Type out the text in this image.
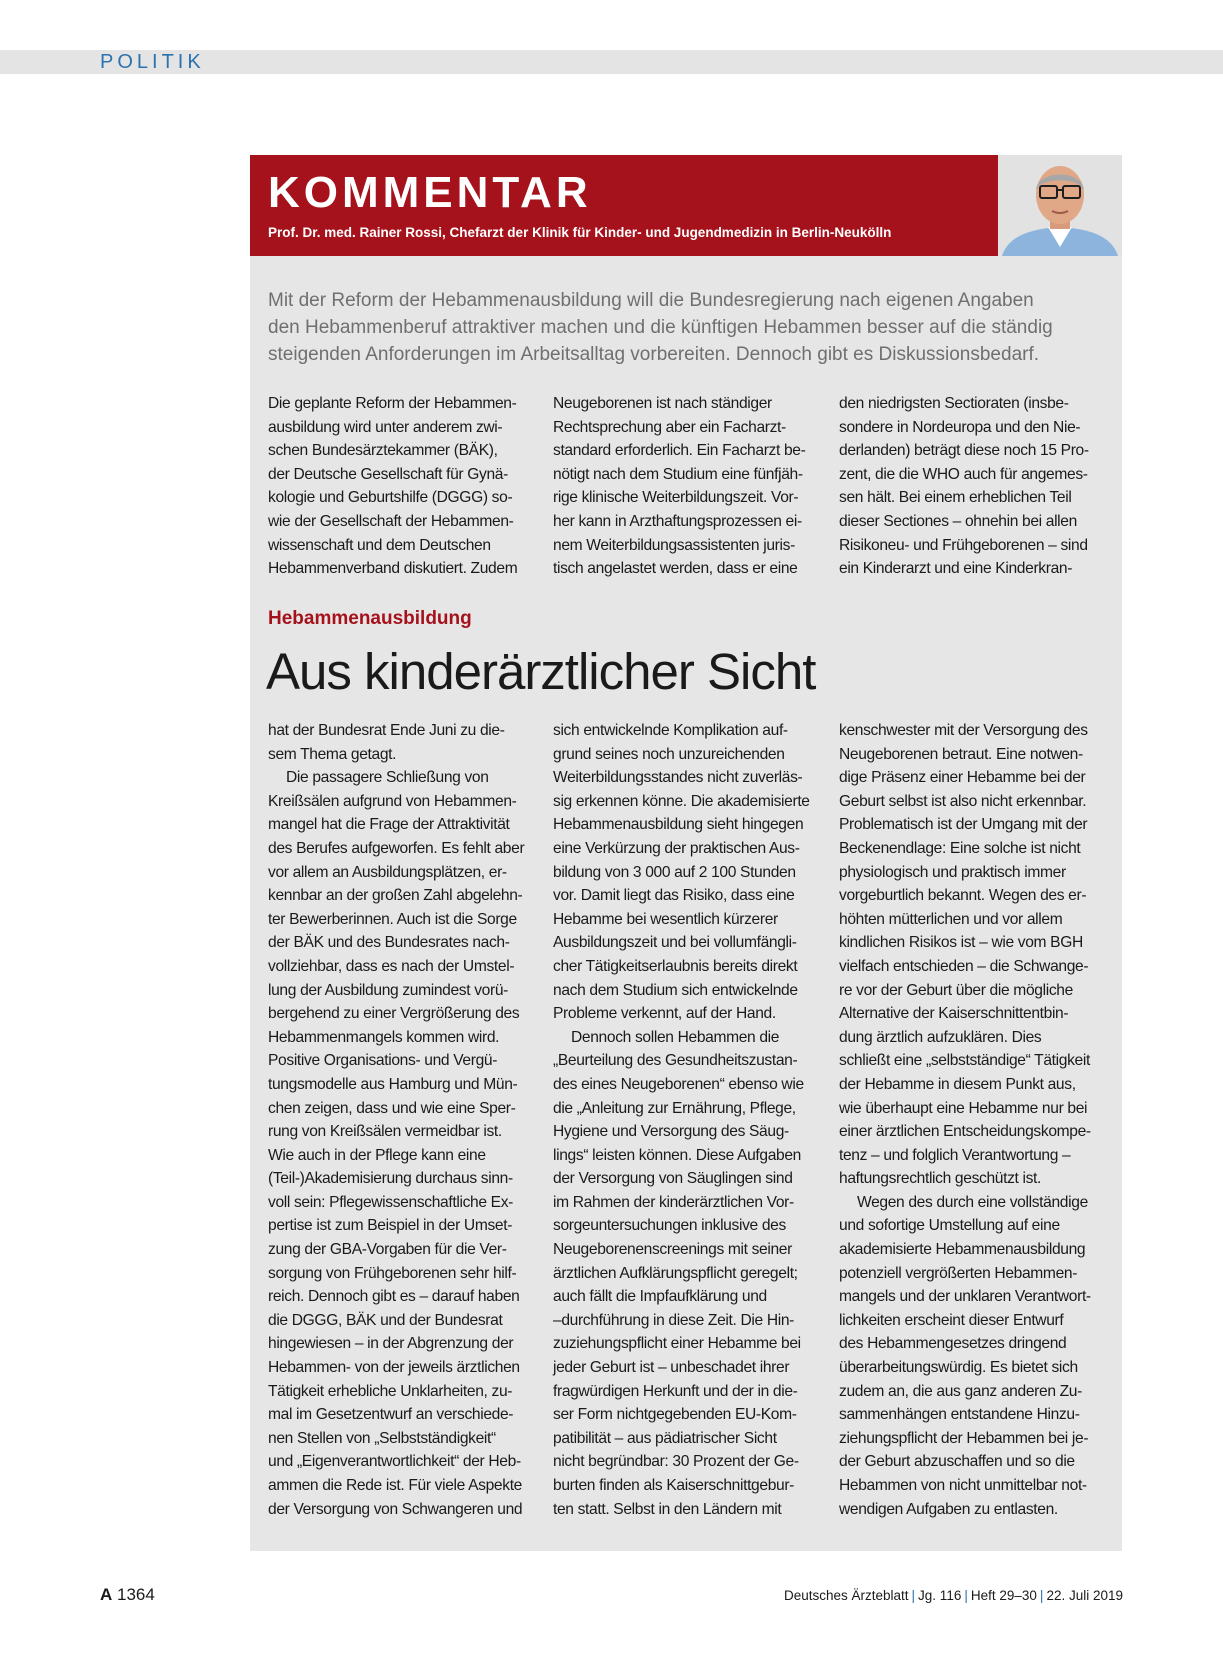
POLITIK
KOMMENTAR
Prof. Dr. med. Rainer Rossi, Chefarzt der Klinik für Kinder- und Jugendmedizin in Berlin-Neukölln
Mit der Reform der Hebammenausbildung will die Bundesregierung nach eigenen Angaben
den Hebammenberuf attraktiver machen und die künftigen Hebammen besser auf die ständig
steigenden Anforderungen im Arbeitsalltag vorbereiten. Dennoch gibt es Diskussionsbedarf.
Die geplante Reform der Hebammen-
ausbildung wird unter anderem zwi-
schen Bundesärztekammer (BÄK),
der Deutsche Gesellschaft für Gynä-
kologie und Geburtshilfe (DGGG) so-
wie der Gesellschaft der Hebammen-
wissenschaft und dem Deutschen
Hebammenverband diskutiert. Zudem
Neugeborenen ist nach ständiger
Rechtsprechung aber ein Facharzt-
standard erforderlich. Ein Facharzt be-
nötigt nach dem Studium eine fünfjäh-
rige klinische Weiterbildungszeit. Vor-
her kann in Arzthaftungsprozessen ei-
nem Weiterbildungsassistenten juris-
tisch angelastet werden, dass er eine
den niedrigsten Sectioraten (insbe-
sondere in Nordeuropa und den Nie-
derlanden) beträgt diese noch 15 Pro-
zent, die die WHO auch für angemes-
sen hält. Bei einem erheblichen Teil
dieser Sectiones – ohnehin bei allen
Risikoneu- und Frühgeborenen – sind
ein Kinderarzt und eine Kinderkran-
Hebammenausbildung
Aus kinderärztlicher Sicht
hat der Bundesrat Ende Juni zu die-
sem Thema getagt.
Die passagere Schließung von
Kreißsälen aufgrund von Hebammen-
mangel hat die Frage der Attraktivität
des Berufes aufgeworfen. Es fehlt aber
vor allem an Ausbildungsplätzen, er-
kennbar an der großen Zahl abgelehn-
ter Bewerberinnen. Auch ist die Sorge
der BÄK und des Bundesrates nach-
vollziehbar, dass es nach der Umstel-
lung der Ausbildung zumindest vorü-
bergehend zu einer Vergrößerung des
Hebammenmangels kommen wird.
Positive Organisations- und Vergü-
tungsmodelle aus Hamburg und Mün-
chen zeigen, dass und wie eine Sper-
rung von Kreißsälen vermeidbar ist.
Wie auch in der Pflege kann eine
(Teil-)Akademisierung durchaus sinn-
voll sein: Pflegewissenschaftliche Ex-
pertise ist zum Beispiel in der Umset-
zung der GBA-Vorgaben für die Ver-
sorgung von Frühgeborenen sehr hilf-
reich. Dennoch gibt es – darauf haben
die DGGG, BÄK und der Bundesrat
hingewiesen – in der Abgrenzung der
Hebammen- von der jeweils ärztlichen
Tätigkeit erhebliche Unklarheiten, zu-
mal im Gesetzentwurf an verschiede-
nen Stellen von „Selbstständigkeit“
und „Eigenverantwortlichkeit“ der Heb-
ammen die Rede ist. Für viele Aspekte
der Versorgung von Schwangeren und
sich entwickelnde Komplikation auf-
grund seines noch unzureichenden
Weiterbildungsstandes nicht zuverläs-
sig erkennen könne. Die akademisierte
Hebammenausbildung sieht hingegen
eine Verkürzung der praktischen Aus-
bildung von 3 000 auf 2 100 Stunden
vor. Damit liegt das Risiko, dass eine
Hebamme bei wesentlich kürzerer
Ausbildungszeit und bei vollumfängli-
cher Tätigkeitserlaubnis bereits direkt
nach dem Studium sich entwickelnde
Probleme verkennt, auf der Hand.
Dennoch sollen Hebammen die
„Beurteilung des Gesundheitszustan-
des eines Neugeborenen“ ebenso wie
die „Anleitung zur Ernährung, Pflege,
Hygiene und Versorgung des Säug-
lings“ leisten können. Diese Aufgaben
der Versorgung von Säuglingen sind
im Rahmen der kinderärztlichen Vor-
sorgeuntersuchungen inklusive des
Neugeborenenscreenings mit seiner
ärztlichen Aufklärungspflicht geregelt;
auch fällt die Impfaufklärung und
–durchführung in diese Zeit. Die Hin-
zuziehungspflicht einer Hebamme bei
jeder Geburt ist – unbeschadet ihrer
fragwürdigen Herkunft und der in die-
ser Form nichtgegebenden EU-Kom-
patibilität – aus pädiatrischer Sicht
nicht begründbar: 30 Prozent der Ge-
burten finden als Kaiserschnittgebur-
ten statt. Selbst in den Ländern mit
kenschwester mit der Versorgung des
Neugeborenen betraut. Eine notwen-
dige Präsenz einer Hebamme bei der
Geburt selbst ist also nicht erkennbar.
Problematisch ist der Umgang mit der
Beckenendlage: Eine solche ist nicht
physiologisch und praktisch immer
vorgeburtlich bekannt. Wegen des er-
höhten mütterlichen und vor allem
kindlichen Risikos ist – wie vom BGH
vielfach entschieden – die Schwange-
re vor der Geburt über die mögliche
Alternative der Kaiserschnittentbin-
dung ärztlich aufzuklären. Dies
schließt eine „selbstständige“ Tätigkeit
der Hebamme in diesem Punkt aus,
wie überhaupt eine Hebamme nur bei
einer ärztlichen Entscheidungskompe-
tenz – und folglich Verantwortung –
haftungsrechtlich geschützt ist.
Wegen des durch eine vollständige
und sofortige Umstellung auf eine
akademisierte Hebammenausbildung
potenziell vergrößerten Hebammen-
mangels und der unklaren Verantwort-
lichkeiten erscheint dieser Entwurf
des Hebammengesetzes dringend
überarbeitungswürdig. Es bietet sich
zudem an, die aus ganz anderen Zu-
sammenhängen entstandene Hinzu-
ziehungspflicht der Hebammen bei je-
der Geburt abzuschaffen und so die
Hebammen von nicht unmittelbar not-
wendigen Aufgaben zu entlasten.
A 1364	Deutsches Ärzteblatt | Jg. 116 | Heft 29–30 | 22. Juli 2019
